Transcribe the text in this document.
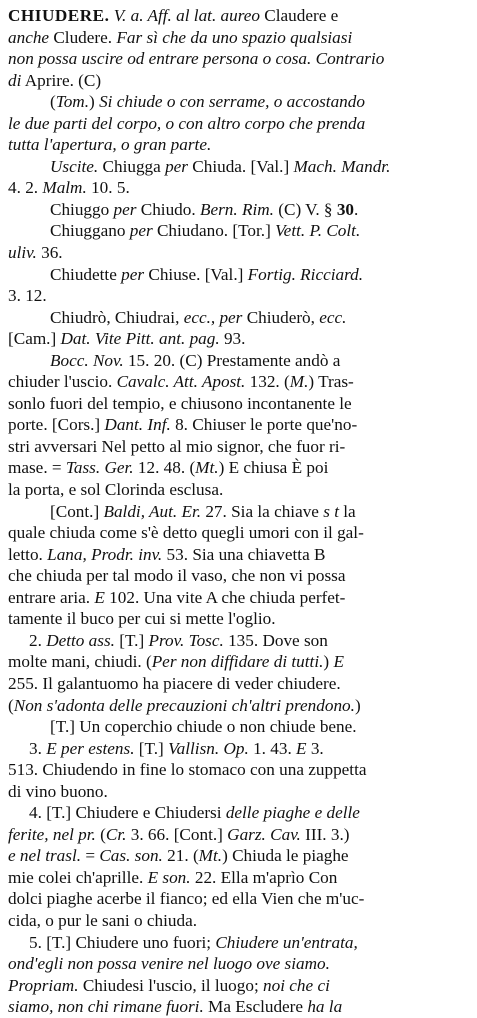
CHIUDERE. V. a. Aff. al lat. aureo Claudere e
anche Cludere. Far sì che da uno spazio qualsiasi
non possa uscire od entrare persona o cosa. Contrario
di Aprire. (C)
(Tom.) Si chiude o con serrame, o accostando
le due parti del corpo, o con altro corpo che prenda
tutta l'apertura, o gran parte.
Uscite. Chiugga per Chiuda. [Val.] Mach. Mandr.
4. 2. Malm. 10. 5.
Chiuggo per Chiudo. Bern. Rim. (C) V. § 30.
Chiuggano per Chiudano. [Tor.] Vett. P. Colt.
uliv. 36.
Chiudette per Chiuse. [Val.] Fortig. Ricciard.
3. 12.
Chiudrò, Chiudrai, ecc., per Chiuderò, ecc.
[Cam.] Dat. Vite Pitt. ant. pag. 93.
Bocc. Nov. 15. 20. (C) Prestamente andò a
chiuder l'uscio. Cavalc. Att. Apost. 132. (M.) Tras-
sonlo fuori del tempio, e chiusono incontanente le
porte. [Cors.] Dant. Inf. 8. Chiuser le porte que'no-
stri avversari Nel petto al mio signor, che fuor ri-
mase. = Tass. Ger. 12. 48. (Mt.) E chiusa È poi
la porta, e sol Clorinda esclusa.
[Cont.] Baldi, Aut. Er. 27. Sia la chiave s t la
quale chiuda come s'è detto quegli umori con il gal-
letto. Lana, Prodr. inv. 53. Sia una chiavetta B
che chiuda per tal modo il vaso, che non vi possa
entrare aria. E 102. Una vite A che chiuda perfet-
tamente il buco per cui si mette l'oglio.
2. Detto ass. [T.] Prov. Tosc. 135. Dove son
molte mani, chiudi. (Per non diffidare di tutti.) E
255. Il galantuomo ha piacere di veder chiudere.
(Non s'adonta delle precauzioni ch'altri prendono.)
[T.] Un coperchio chiude o non chiude bene.
3. E per estens. [T.] Vallisn. Op. 1. 43. E 3.
513. Chiudendo in fine lo stomaco con una zuppetta
di vino buono.
4. [T.] Chiudere e Chiudersi delle piaghe e delle
ferite, nel pr. (Cr. 3. 66. [Cont.] Garz. Cav. III. 3.)
e nel trasl. = Cas. son. 21. (Mt.) Chiuda le piaghe
mie colei ch'aprille. E son. 22. Ella m'aprìo Con
dolci piaghe acerbe il fianco; ed ella Vien che m'uc-
cida, o pur le sani o chiuda.
5. [T.] Chiudere uno fuori; Chiudere un'entrata,
ond'egli non possa venire nel luogo ove siamo.
Propriam. Chiudesi l'uscio, il luogo; noi che ci
siamo, non chi rimane fuori. Ma Escludere ha la
